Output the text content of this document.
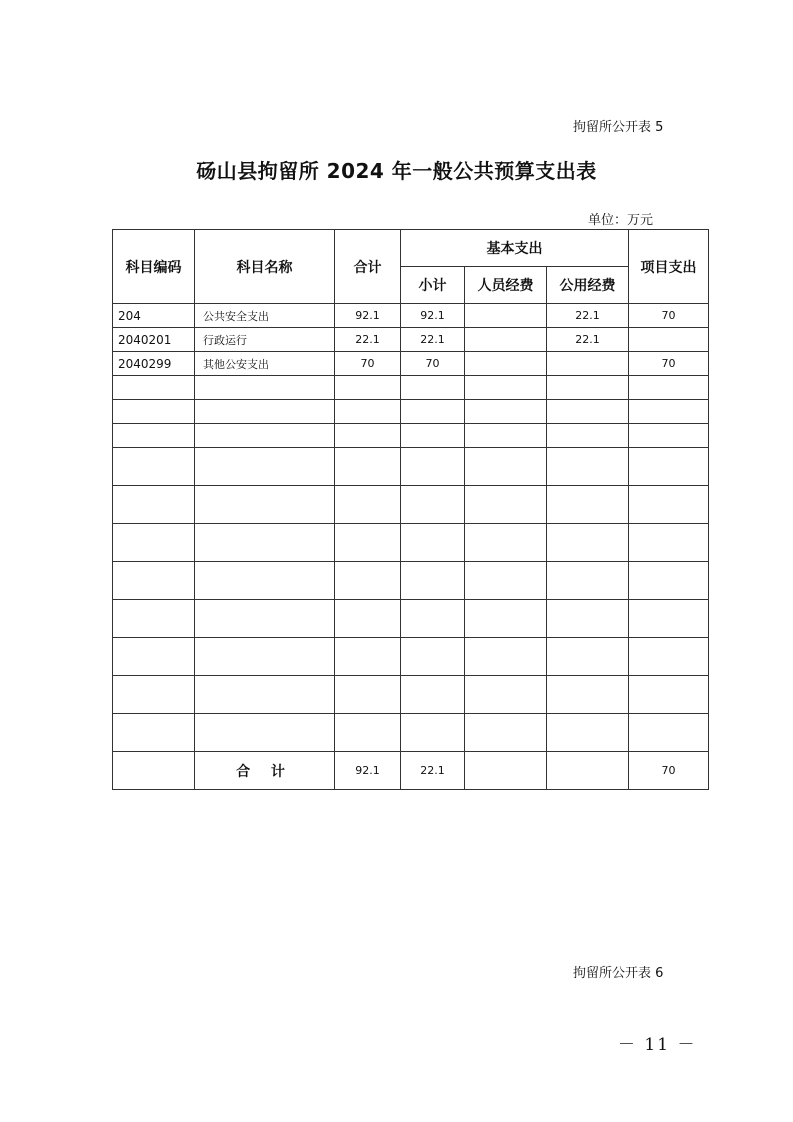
拘留所公开表 5
砀山县拘留所 2024 年一般公共预算支出表
单位：万元
科目编码	科目名称	合计	基本支出			项目支出
			小计	人员经费	公用经费	
204	公共安全支出	92.1	92.1		22.1	70
2040201	行政运行	22.1	22.1		22.1	
2040299	其他公安支出	70	70			70

	合 计	92.1	22.1			70
拘留所公开表 6
－ 11 －
